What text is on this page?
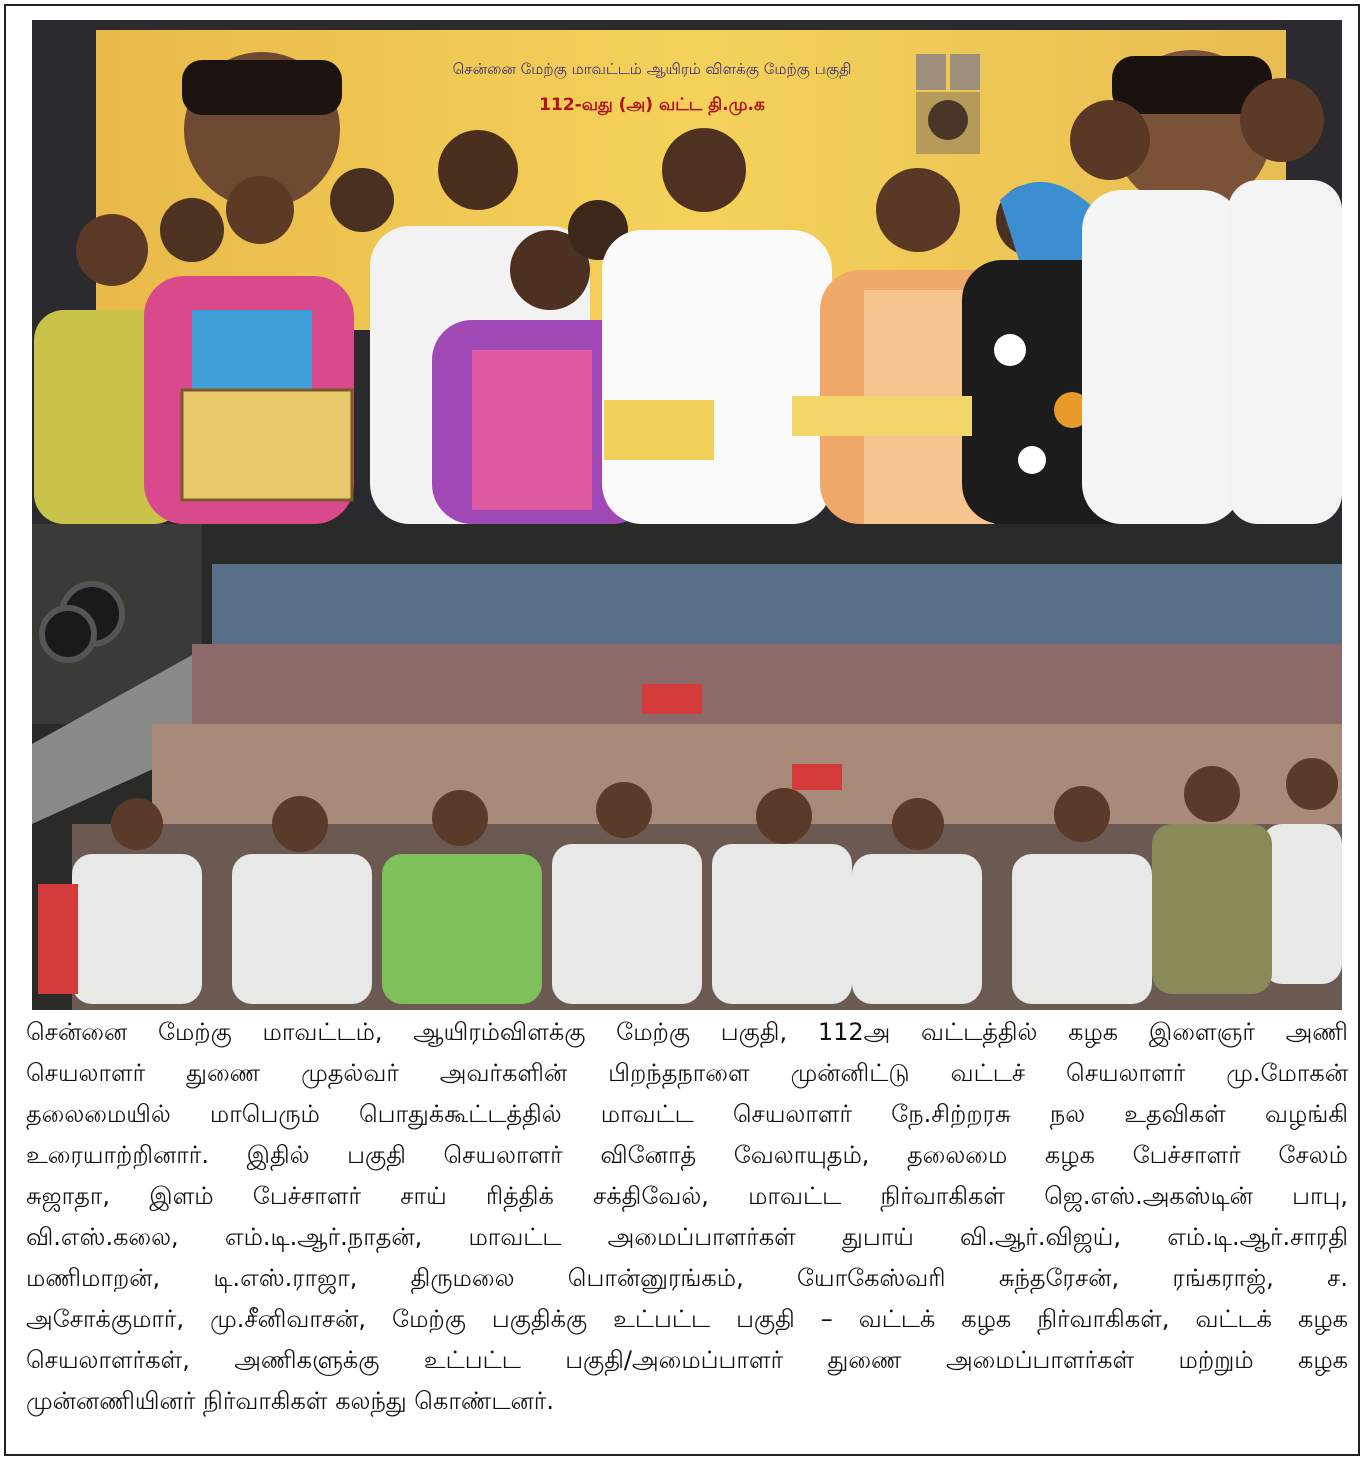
சென்னை மேற்கு மாவட்டம் ஆயிரம் விளக்கு மேற்கு பகுதி
112-வது (அ) வட்ட தி.மு.க

சென்னை மேற்கு மாவட்டம், ஆயிரம்விளக்கு மேற்கு பகுதி, 112அ வட்டத்தில் கழக இளைஞர் அணி

செயலாளர் துணை முதல்வர் அவர்களின் பிறந்தநாளை முன்னிட்டு வட்டச் செயலாளர் மு.மோகன்

தலைமையில் மாபெரும் பொதுக்கூட்டத்தில் மாவட்ட செயலாளர் நே.சிற்றரசு நல உதவிகள் வழங்கி

உரையாற்றினார். இதில் பகுதி செயலாளர் வினோத் வேலாயுதம், தலைமை கழக பேச்சாளர் சேலம்

சுஜாதா, இளம் பேச்சாளர் சாய் ரித்திக் சக்திவேல், மாவட்ட நிர்வாகிகள் ஜெ.எஸ்.அகஸ்டின் பாபு,

வி.எஸ்.கலை, எம்.டி.ஆர்.நாதன், மாவட்ட அமைப்பாளர்கள் துபாய் வி.ஆர்.விஜய், எம்.டி.ஆர்.சாரதி

மணிமாறன், டி.எஸ்.ராஜா, திருமலை பொன்னுரங்கம், யோகேஸ்வரி சுந்தரேசன், ரங்கராஜ், ச.

அசோக்குமார், மு.சீனிவாசன், மேற்கு பகுதிக்கு உட்பட்ட பகுதி – வட்டக் கழக நிர்வாகிகள், வட்டக் கழக

செயலாளர்கள், அணிகளுக்கு உட்பட்ட பகுதி/அமைப்பாளர் துணை அமைப்பாளர்கள் மற்றும் கழக

முன்னணியினர் நிர்வாகிகள் கலந்து கொண்டனர்.
